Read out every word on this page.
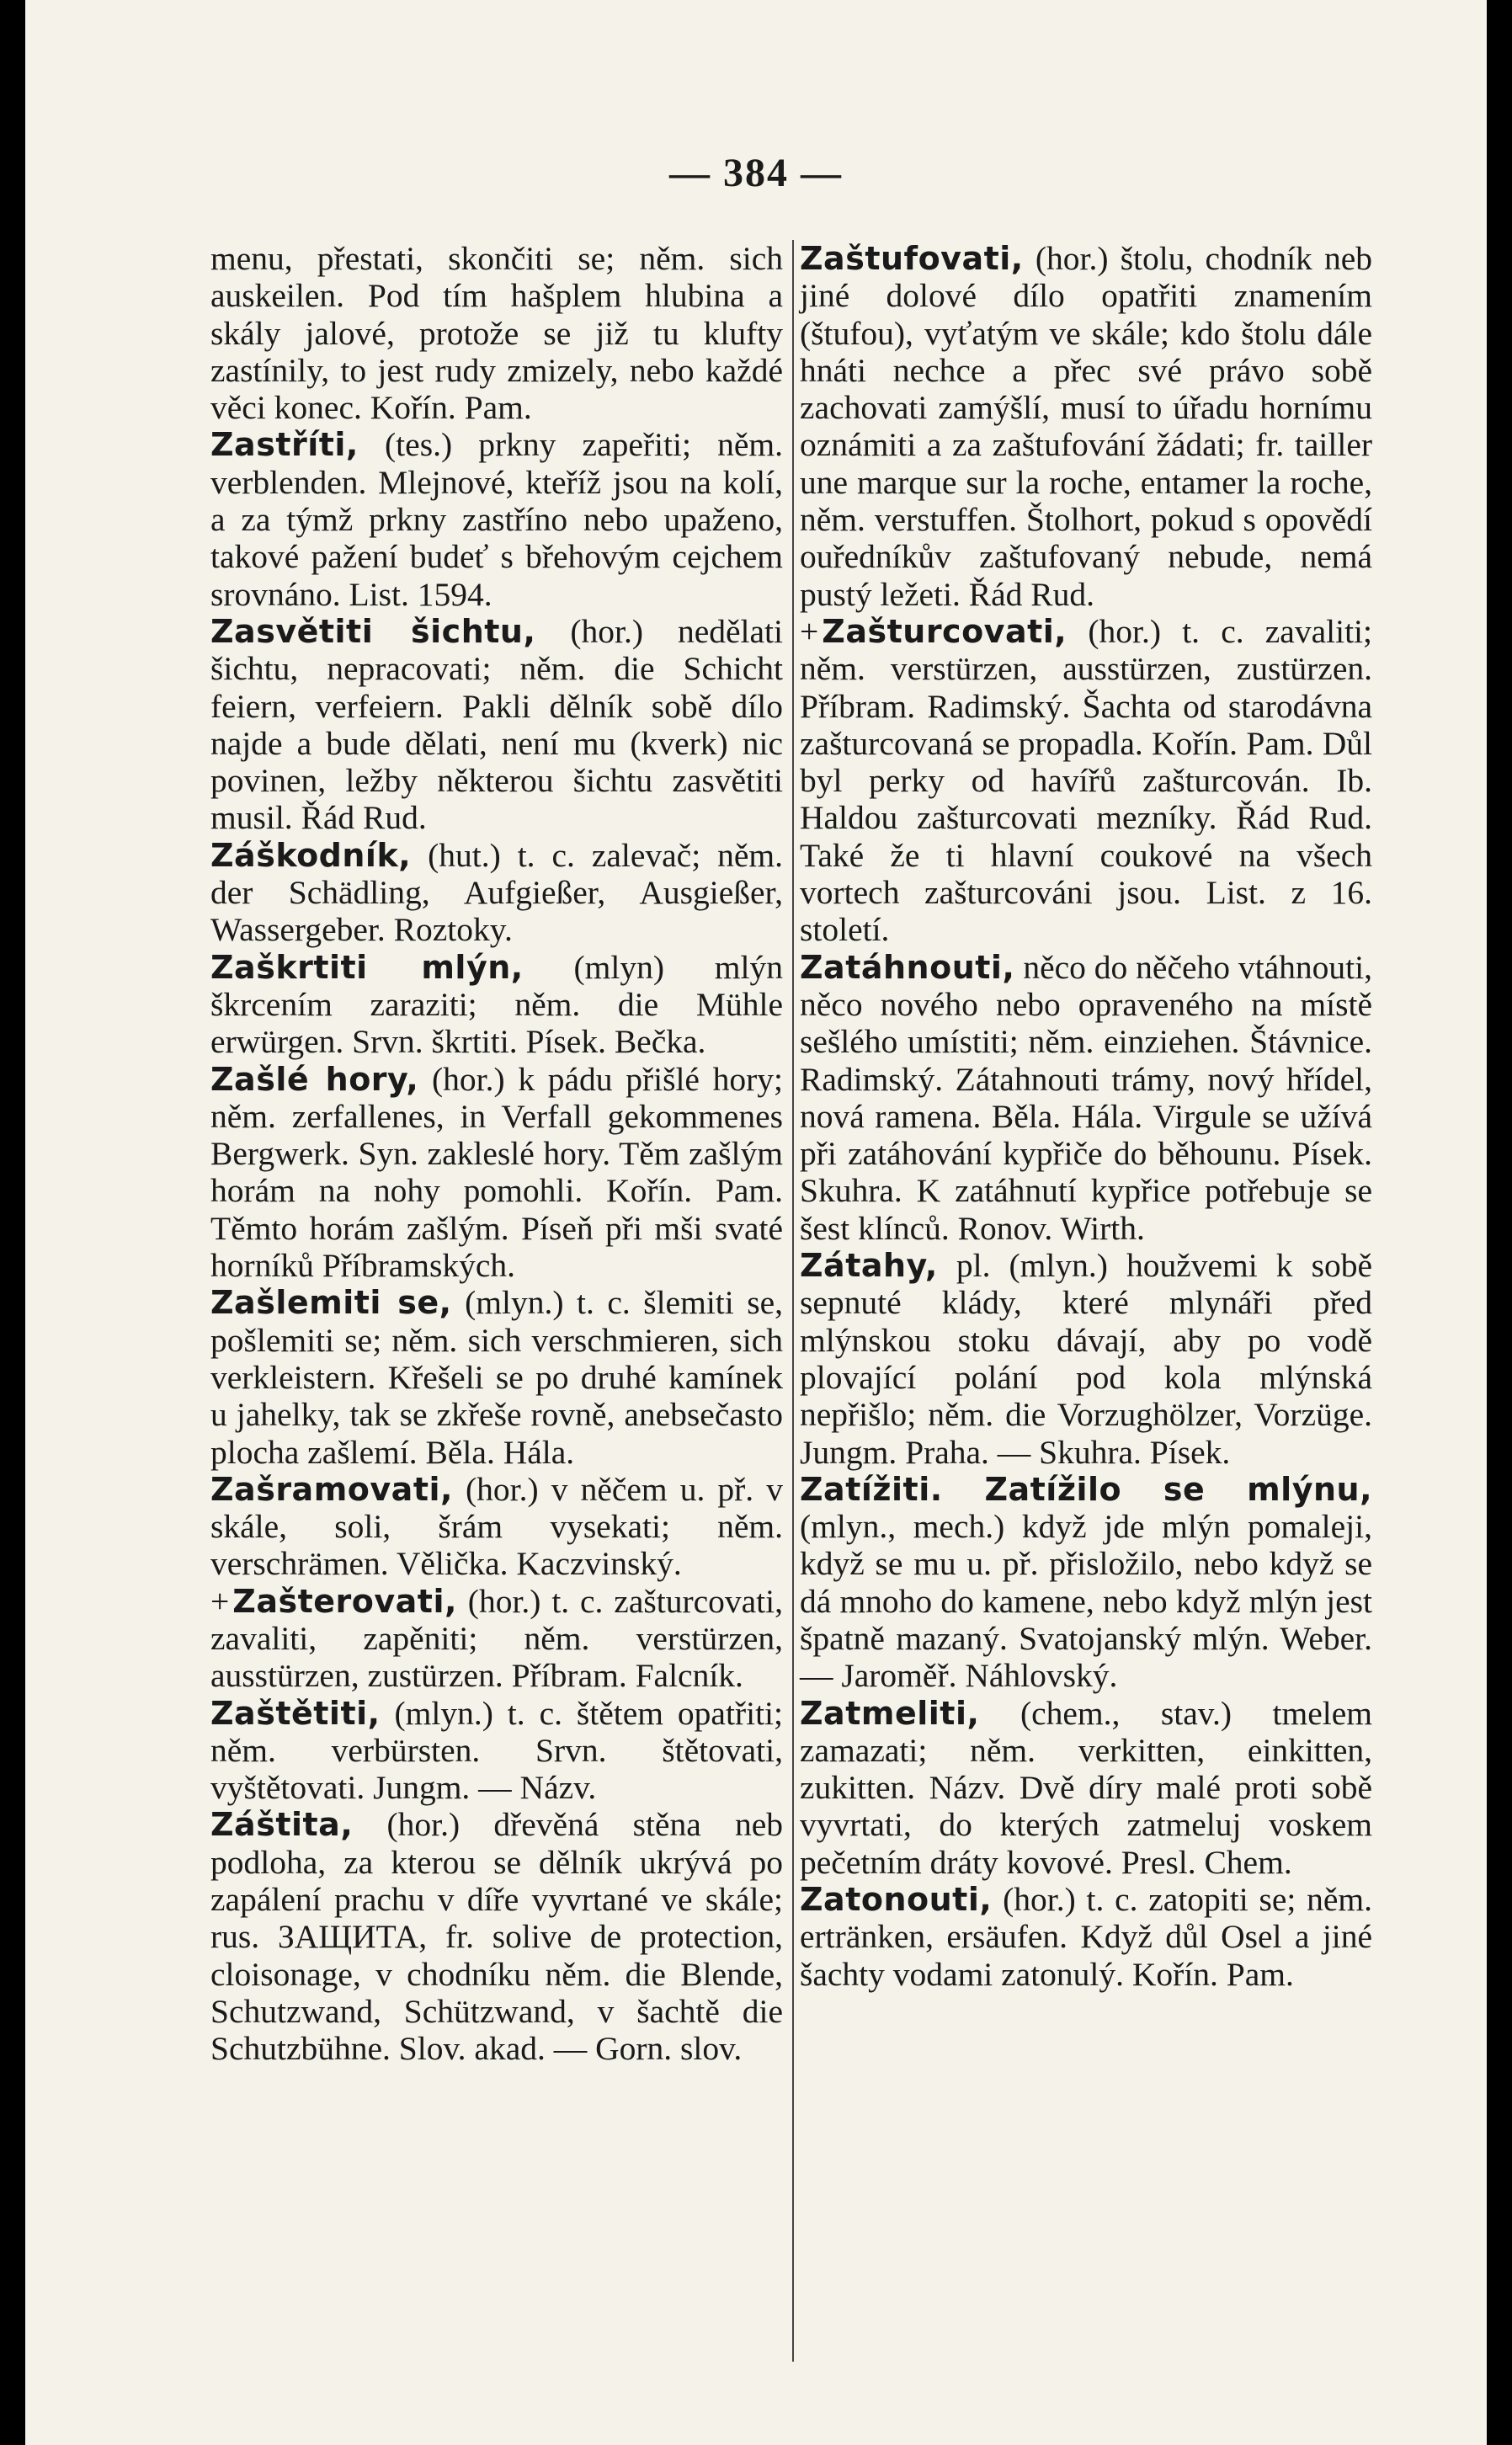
— 384 —

menu, přestati, skončiti se; něm. sich auskeilen. Pod tím hašplem hlubina a skály jalové, protože se již tu klufty zastínily, to jest rudy zmizely, nebo každé věci konec. Kořín. Pam.

Zastříti, (tes.) prkny zapeřiti; něm. verblenden. Mlejnové, kteříž jsou na kolí, a za týmž prkny zastříno nebo upaženo, takové pažení budeť s břehovým cejchem srovnáno. List. 1594.

Zasvětiti šichtu, (hor.) nedělati šichtu, nepracovati; něm. die Schicht feiern, verfeiern. Pakli dělník sobě dílo najde a bude dělati, není mu (kverk) nic povinen, ležby některou šichtu zasvětiti musil. Řád Rud.

Záškodník, (hut.) t. c. zalevač; něm. der Schädling, Aufgießer, Ausgießer, Wassergeber. Roztoky.

Zaškrtiti mlýn, (mlyn) mlýn škrcením zaraziti; něm. die Mühle erwürgen. Srvn. škrtiti. Písek. Bečka.

Zašlé hory, (hor.) k pádu přišlé hory; něm. zerfallenes, in Verfall gekommenes Bergwerk. Syn. zakleslé hory. Těm zašlým horám na nohy pomohli. Kořín. Pam. Těmto horám zašlým. Píseň při mši svaté horníků Příbramských.

Zašlemiti se, (mlyn.) t. c. šlemiti se, pošlemiti se; něm. sich verschmieren, sich verkleistern. Křešeli se po druhé kamínek u jahelky, tak se zkřeše rovně, anebsečasto plocha zašlemí. Běla. Hála.

Zašramovati, (hor.) v něčem u. př. v skále, soli, šrám vysekati; něm. verschrämen. Vělička. Kaczvinský.

+ Zašterovati, (hor.) t. c. zašturcovati, zavaliti, zapěniti; něm. verstürzen, ausstürzen, zustürzen. Příbram. Falcník.

Zaštětiti, (mlyn.) t. c. štětem opatřiti; něm. verbürsten. Srvn. štětovati, vyštětovati. Jungm. — Názv.

Záštita, (hor.) dřevěná stěna neb podloha, za kterou se dělník ukrývá po zapálení prachu v díře vyvrtané ve skále; rus. ЗАЩИТА, fr. solive de protection, cloisonage, v chodníku něm. die Blende, Schutzwand, Schützwand, v šachtě die Schutzbühne. Slov. akad. — Gorn. slov.

Zaštufovati, (hor.) štolu, chodník neb jiné dolové dílo opatřiti znamením (štufou), vyťatým ve skále; kdo štolu dále hnáti nechce a přec své právo sobě zachovati zamýšlí, musí to úřadu hornímu oznámiti a za zaštufování žádati; fr. tailler une marque sur la roche, entamer la roche, něm. verstuffen. Štolhort, pokud s opovědí ouředníkův zaštufovaný nebude, nemá pustý ležeti. Řád Rud.

+ Zašturcovati, (hor.) t. c. zavaliti; něm. verstürzen, ausstürzen, zustürzen. Příbram. Radimský. Šachta od starodávna zašturcovaná se propadla. Kořín. Pam. Důl byl perky od havířů zašturcován. Ib. Haldou zašturcovati mezníky. Řád Rud. Také že ti hlavní coukové na všech vortech zašturcováni jsou. List. z 16. století.

Zatáhnouti, něco do něčeho vtáhnouti, něco nového nebo opraveného na místě sešlého umístiti; něm. einziehen. Štávnice. Radimský. Zátahnouti trámy, nový hřídel, nová ramena. Běla. Hála. Virgule se užívá při zatáhování kypřiče do běhounu. Písek. Skuhra. K zatáhnutí kypřice potřebuje se šest klínců. Ronov. Wirth.

Zátahy, pl. (mlyn.) houžvemi k sobě sepnuté klády, které mlynáři před mlýnskou stoku dávají, aby po vodě plovající polání pod kola mlýnská nepřišlo; něm. die Vorzughölzer, Vorzüge. Jungm. Praha. — Skuhra. Písek.

Zatížiti. Zatížilo se mlýnu, (mlyn., mech.) když jde mlýn pomaleji, když se mu u. př. přisložilo, nebo když se dá mnoho do kamene, nebo když mlýn jest špatně mazaný. Svatojanský mlýn. Weber. — Jaroměř. Náhlovský.

Zatmeliti, (chem., stav.) tmelem zamazati; něm. verkitten, einkitten, zukitten. Názv. Dvě díry malé proti sobě vyvrtati, do kterých zatmeluj voskem pečetním dráty kovové. Presl. Chem.

Zatonouti, (hor.) t. c. zatopiti se; něm. ertränken, ersäufen. Když důl Osel a jiné šachty vodami zatonulý. Kořín. Pam.
